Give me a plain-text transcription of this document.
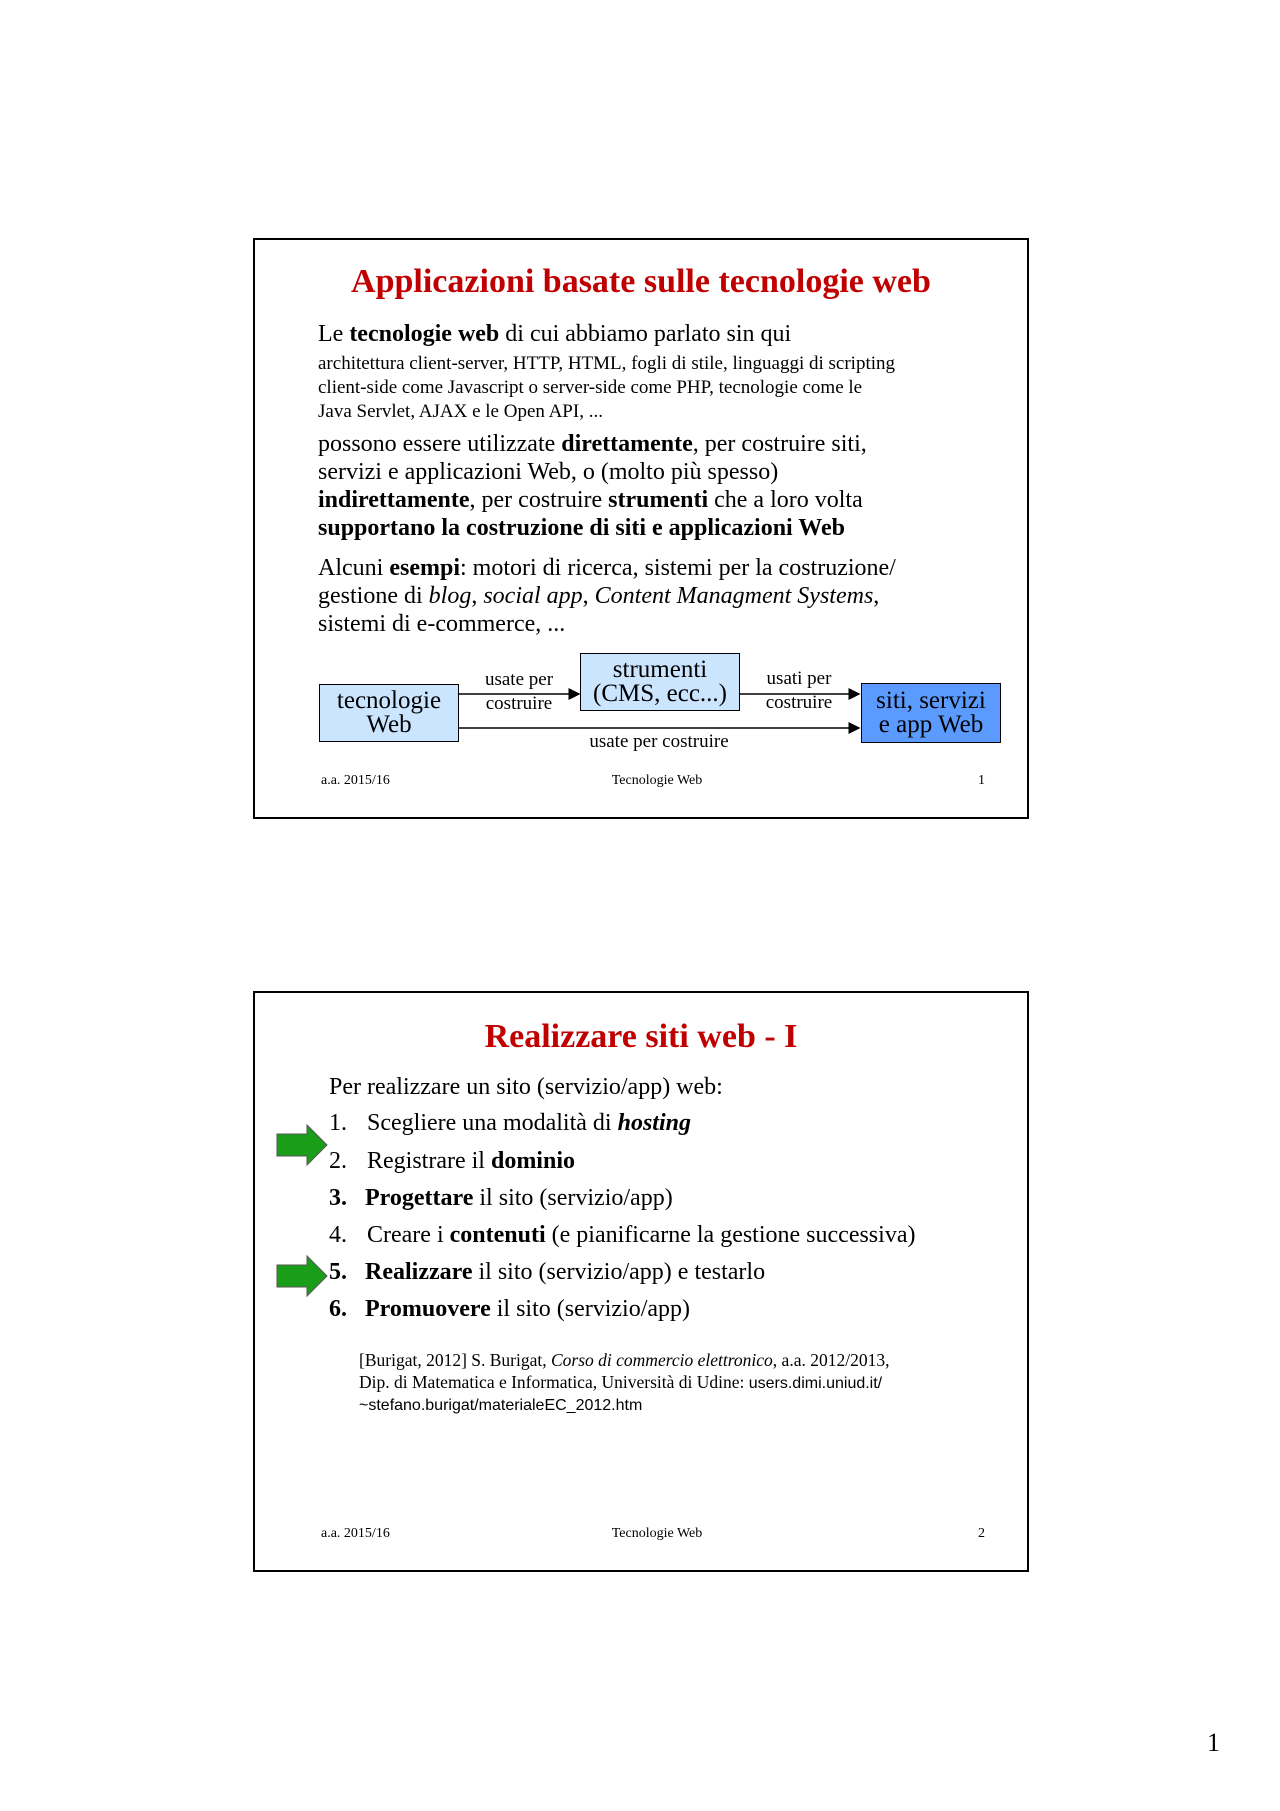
Applicazioni basate sulle tecnologie web
Le tecnologie web di cui abbiamo parlato sin qui
architettura client-server, HTTP, HTML, fogli di stile, linguaggi di scripting
client-side come Javascript o server-side come PHP, tecnologie come le
Java Servlet, AJAX e le Open API, ...
possono essere utilizzate direttamente, per costruire siti,
servizi e applicazioni Web, o (molto più spesso)
indirettamente, per costruire strumenti che a loro volta
supportano la costruzione di siti e applicazioni Web
Alcuni esempi: motori di ricerca, sistemi per la costruzione/
gestione di blog, social app, Content Managment Systems,
sistemi di e-commerce, ...
tecnologie
Web
strumenti
(CMS, ecc...)	siti, servizi
e app Web
usate per
costruire
usati per
costruire
usate per costruire
a.a. 2015/16	Tecnologie Web	1
Realizzare siti web - I
Per realizzare un sito (servizio/app) web:
1. Scegliere una modalità di hosting
2. Registrare il dominio
3. Progettare il sito (servizio/app)
4. Creare i contenuti (e pianificarne la gestione successiva)
5. Realizzare il sito (servizio/app) e testarlo
6. Promuovere il sito (servizio/app)
[Burigat, 2012] S. Burigat, Corso di commercio elettronico, a.a. 2012/2013,
Dip. di Matematica e Informatica, Università di Udine: users.dimi.uniud.it/
~stefano.burigat/materialeEC_2012.htm
a.a. 2015/16	Tecnologie Web	2
1
